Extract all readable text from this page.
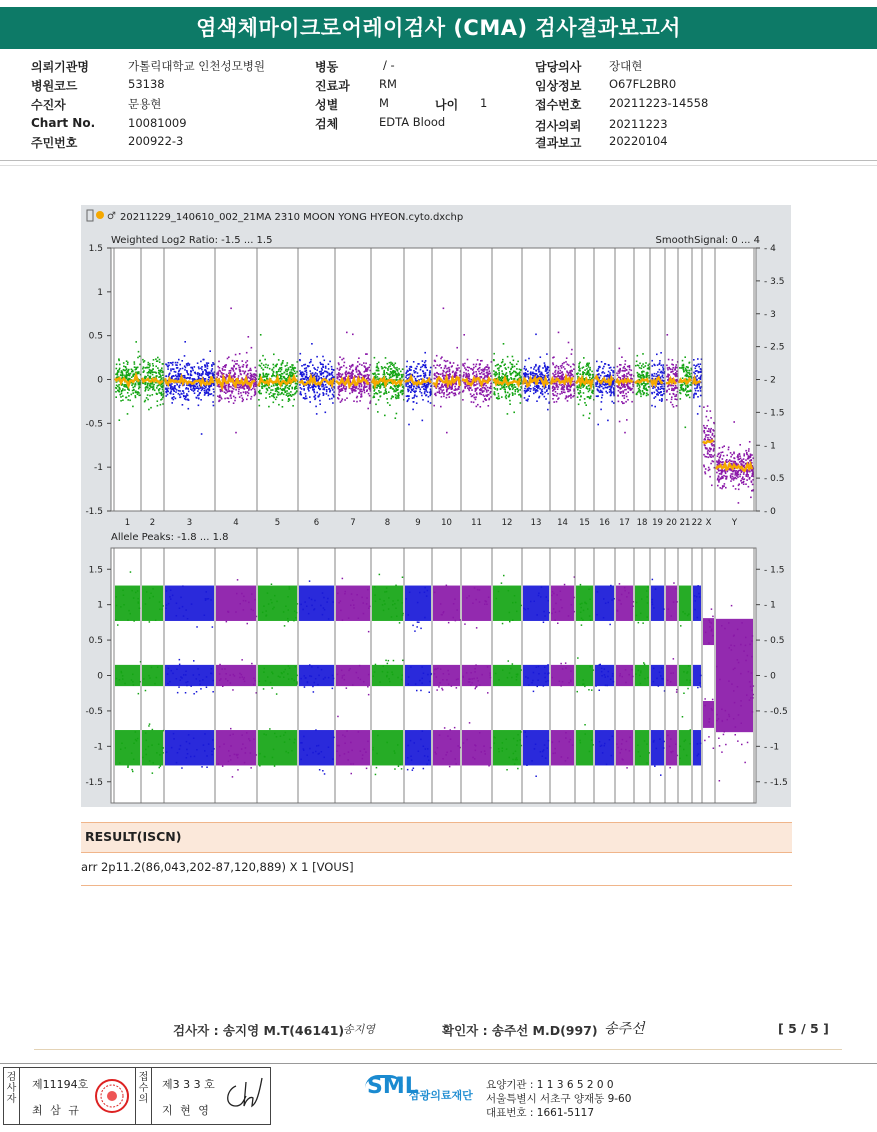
염색체마이크로어레이검사 (CMA) 검사결과보고서
의뢰기관명	가톨릭대학교 인천성모병원
병원코드	53138
수진자	문용현
Chart No.	10081009
주민번호	200922-3
병동	/ -
진료과	RM
성별	M	나이 1
검체	EDTA Blood
담당의사 장대현
임상정보 O67FL2BR0
접수번호 20211223-14558
검사의뢰 20211223
결과보고 20220104
♂ 20211229_140610_002_21MA 2310 MOON YONG HYEON.cyto.dxchp
Weighted Log2 Ratio: -1.5 ... 1.5	SmoothSignal: 0 ... 4
Allele Peaks: -1.8 ... 1.8
1.5
1
0.5
0
-0.5
-1
-1.5
- 4
- 3.5
- 3
- 2.5
- 2
- 1.5
- 1
- 0.5
- 0
1 2	3	4	5	6	7	8	9 10 11 12 13 14 15 16 17 18 19 20 21 22 X Y
1.5	- 1.5
1	- 1
0.5	- 0.5
0	- 0
-0.5	- -0.5
-1	- -1
-1.5	- -1.5
RESULT(ISCN)
arr 2p11.2(86,043,202-87,120,889) X 1 [VOUS]
검사자 : 송지영 M.T(46141)
송지영	확인자 : 송주선 M.D(997) 송주선	[ 5 / 5 ]
검사자
제11194호
최 삼 규
접수의
제3 3 3 호
지 현 영
SML
삼광의료재단
요양기관 : 1 1 3 6 5 2 0 0
서울특별시 서초구 양재동 9-60
대표번호 : 1661-5117
